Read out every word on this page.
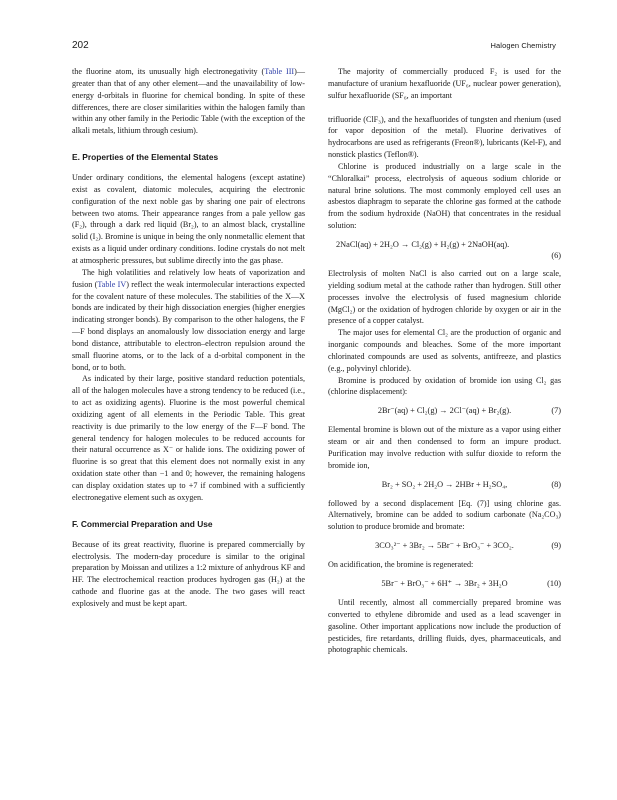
202	Halogen Chemistry

the fluorine atom, its unusually high electronegativity (Table III)—greater than that of any other element—and the unavailability of low-energy d-orbitals in fluorine for chemical bonding. In spite of these differences, there are closer similarities within the halogen family than within any other family in the Periodic Table (with the exception of the alkali metals, lithium through cesium).

E. Properties of the Elemental States

Under ordinary conditions, the elemental halogens (except astatine) exist as covalent, diatomic molecules, acquiring the electronic configuration of the next noble gas by sharing one pair of electrons between two atoms. Their appearance ranges from a pale yellow gas (F₂), through a dark red liquid (Br₂), to an almost black, crystalline solid (I₂). Bromine is unique in being the only nonmetallic element that exists as a liquid under ordinary conditions. Iodine crystals do not melt at atmospheric pressures, but sublime directly into the gas phase.

The high volatilities and relatively low heats of vaporization and fusion (Table IV) reflect the weak intermolecular interactions expected for the covalent nature of these molecules. The stabilities of the X—X bonds are indicated by their high dissociation energies (higher energies indicating stronger bonds). By comparison to the other halogens, the F—F bond displays an anomalously low dissociation energy and large bond distance, attributable to electron–electron repulsion around the small fluorine atoms, or to the lack of a d-orbital component in the bond, or to both.

As indicated by their large, positive standard reduction potentials, all of the halogen molecules have a strong tendency to be reduced (i.e., to act as oxidizing agents). Fluorine is the most powerful chemical oxidizing agent of all elements in the Periodic Table. This great reactivity is due primarily to the low energy of the F—F bond. The general tendency for halogen molecules to be reduced accounts for their natural occurrence as X⁻ or halide ions. The oxidizing power of fluorine is so great that this element does not normally exist in any oxidation state other than −1 and 0; however, the remaining halogens can display oxidation states up to +7 if combined with a sufficiently electronegative element such as oxygen.

F. Commercial Preparation and Use

Because of its great reactivity, fluorine is prepared commercially by electrolysis. The modern-day procedure is similar to the original preparation by Moissan and utilizes a 1:2 mixture of anhydrous KF and HF. The electrochemical reaction produces hydrogen gas (H₂) at the cathode and fluorine gas at the anode. The two gases will react explosively and must be kept apart.

The majority of commercially produced F₂ is used for the manufacture of uranium hexafluoride (UF₆, nuclear power generation), sulfur hexafluoride (SF₆, an important

trifluoride (ClF₃), and the hexafluorides of tungsten and rhenium (used for vapor deposition of the metal). Fluorine derivatives of hydrocarbons are used as refrigerants (Freon®), lubricants (Kel-F), and nonstick plastics (Teflon®).

Chlorine is produced industrially on a large scale in the “Chloralkai” process, electrolysis of aqueous sodium chloride or natural brine solutions. The most commonly employed cell uses an asbestos diaphragm to separate the chlorine gas formed at the cathode from the sodium hydroxide (NaOH) that concentrates in the residual solution:

2NaCl(aq) + 2H₂O → Cl₂(g) + H₂(g) + 2NaOH(aq).
(6)

Electrolysis of molten NaCl is also carried out on a large scale, yielding sodium metal at the cathode rather than hydrogen. Still other processes involve the electrolysis of fused magnesium chloride (MgCl₂) or the oxidation of hydrogen chloride by oxygen or air in the presence of a copper catalyst.

The major uses for elemental Cl₂ are the production of organic and inorganic compounds and bleaches. Some of the more important chlorinated compounds are used as solvents, antifreeze, and plastics (e.g., polyvinyl chloride).

Bromine is produced by oxidation of bromide ion using Cl₂ gas (chlorine displacement):

2Br⁻(aq) + Cl₂(g) → 2Cl⁻(aq) + Br₂(g).	(7)

Elemental bromine is blown out of the mixture as a vapor using either steam or air and then condensed to form an impure product. Purification may involve reduction with sulfur dioxide to reform the bromide ion,

Br₂ + SO₂ + 2H₂O → 2HBr + H₂SO₄,	(8)

followed by a second displacement [Eq. (7)] using chlorine gas. Alternatively, bromine can be added to sodium carbonate (Na₂CO₃) solution to produce bromide and bromate:

3CO₃²⁻ + 3Br₂ → 5Br⁻ + BrO₃⁻ + 3CO₂.	(9)

On acidification, the bromine is regenerated:

5Br⁻ + BrO₃⁻ + 6H⁺ → 3Br₂ + 3H₂O	(10)

Until recently, almost all commercially prepared bromine was converted to ethylene dibromide and used as a lead scavenger in gasoline. Other important applications now include the production of pesticides, fire retardants, drilling fluids, dyes, pharmaceuticals, and photographic chemicals.
